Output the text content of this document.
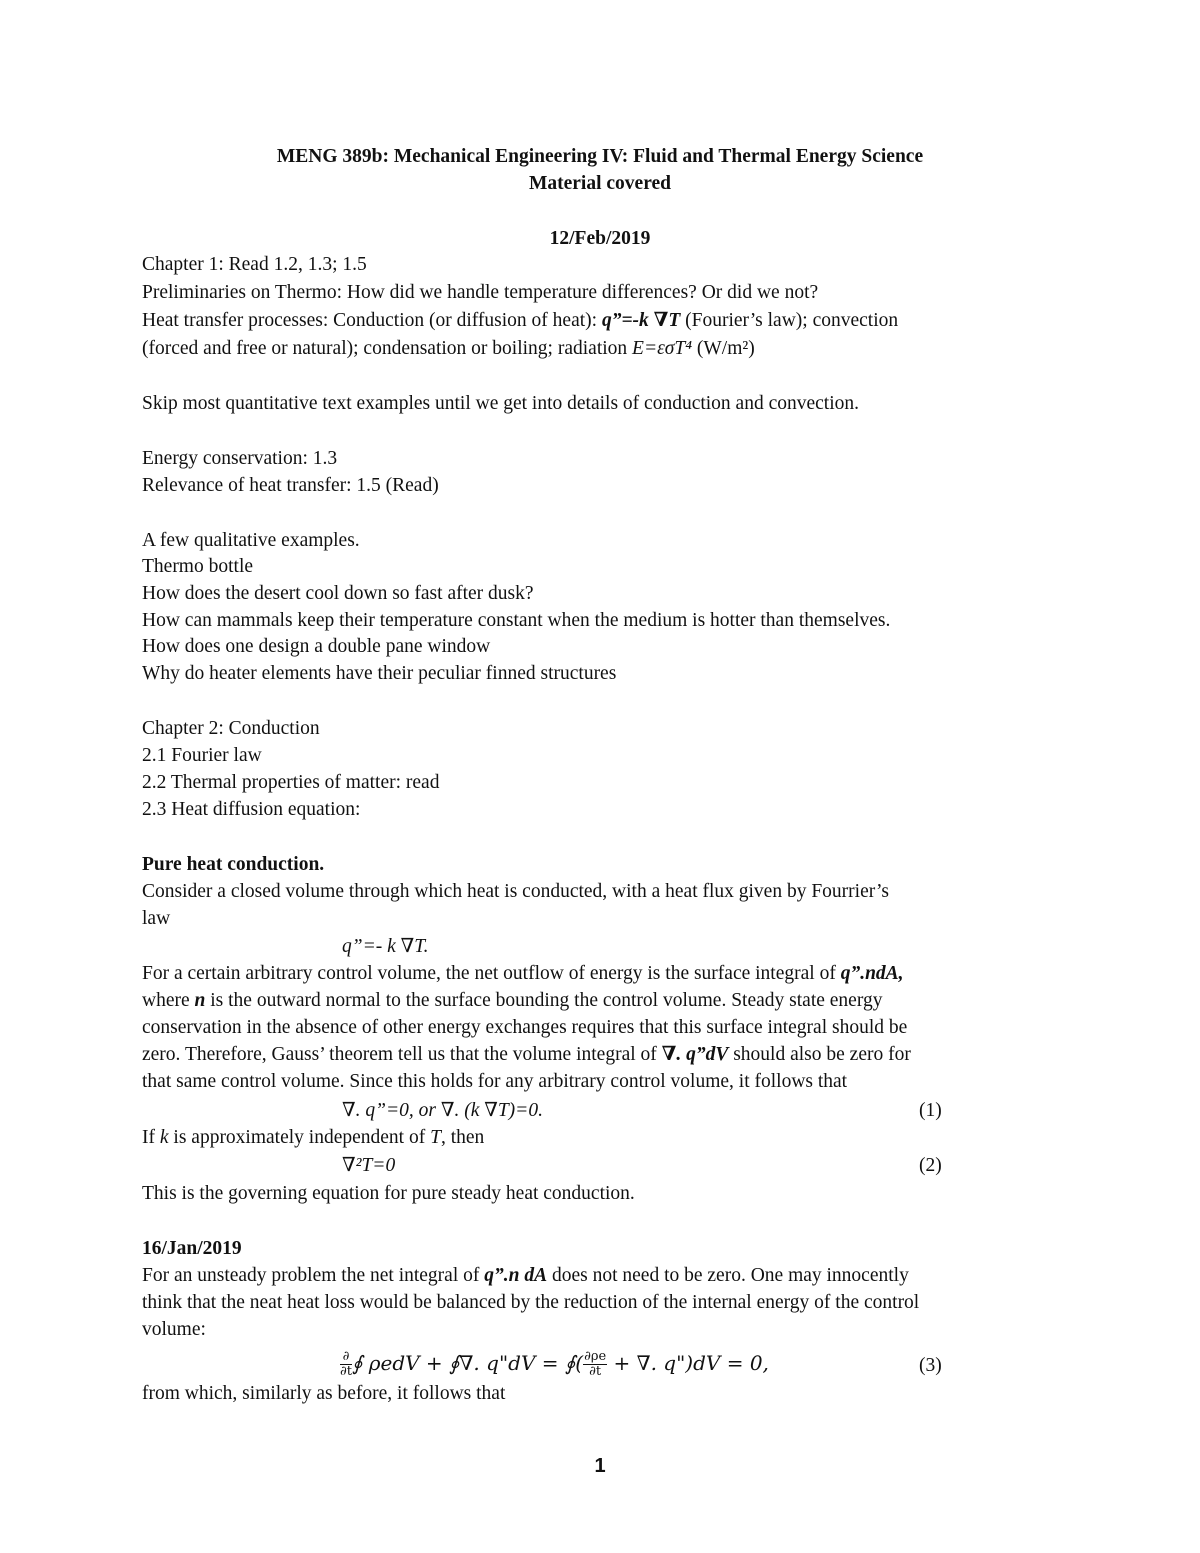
MENG 389b: Mechanical Engineering IV: Fluid and Thermal Energy Science
Material covered
12/Feb/2019
Chapter 1: Read 1.2, 1.3; 1.5
Preliminaries on Thermo: How did we handle temperature differences? Or did we not?
Heat transfer processes: Conduction (or diffusion of heat): q”=-k ∇T (Fourier’s law); convection
(forced and free or natural); condensation or boiling; radiation E=εσT⁴ (W/m²)
Skip most quantitative text examples until we get into details of conduction and convection.
Energy conservation: 1.3
Relevance of heat transfer: 1.5 (Read)
A few qualitative examples.
Thermo bottle
How does the desert cool down so fast after dusk?
How can mammals keep their temperature constant when the medium is hotter than themselves.
How does one design a double pane window
Why do heater elements have their peculiar finned structures
Chapter 2: Conduction
2.1 Fourier law
2.2 Thermal properties of matter: read
2.3 Heat diffusion equation:
Pure heat conduction.
Consider a closed volume through which heat is conducted, with a heat flux given by Fourrier’s
law
q”=- k ∇T.
For a certain arbitrary control volume, the net outflow of energy is the surface integral of q”.ndA,
where n is the outward normal to the surface bounding the control volume. Steady state energy
conservation in the absence of other energy exchanges requires that this surface integral should be
zero. Therefore, Gauss’ theorem tell us that the volume integral of ∇. q”dV should also be zero for
that same control volume. Since this holds for any arbitrary control volume, it follows that
∇. q”=0, or ∇. (k ∇T)=0.	(1)
If k is approximately independent of T, then
∇²T=0	(2)
This is the governing equation for pure steady heat conduction.
16/Jan/2019
For an unsteady problem the net integral of q”.n dA does not need to be zero. One may innocently
think that the neat heat loss would be balanced by the reduction of the internal energy of the control
volume:
$\frac{\partial}{\partial t}$ ∮ ρedV + ∮∇. q"dV = ∮( $\frac{\partial\rho e}{\partial t}$ + ∇. q")dV = 0,	(3)
from which, similarly as before, it follows that
1
